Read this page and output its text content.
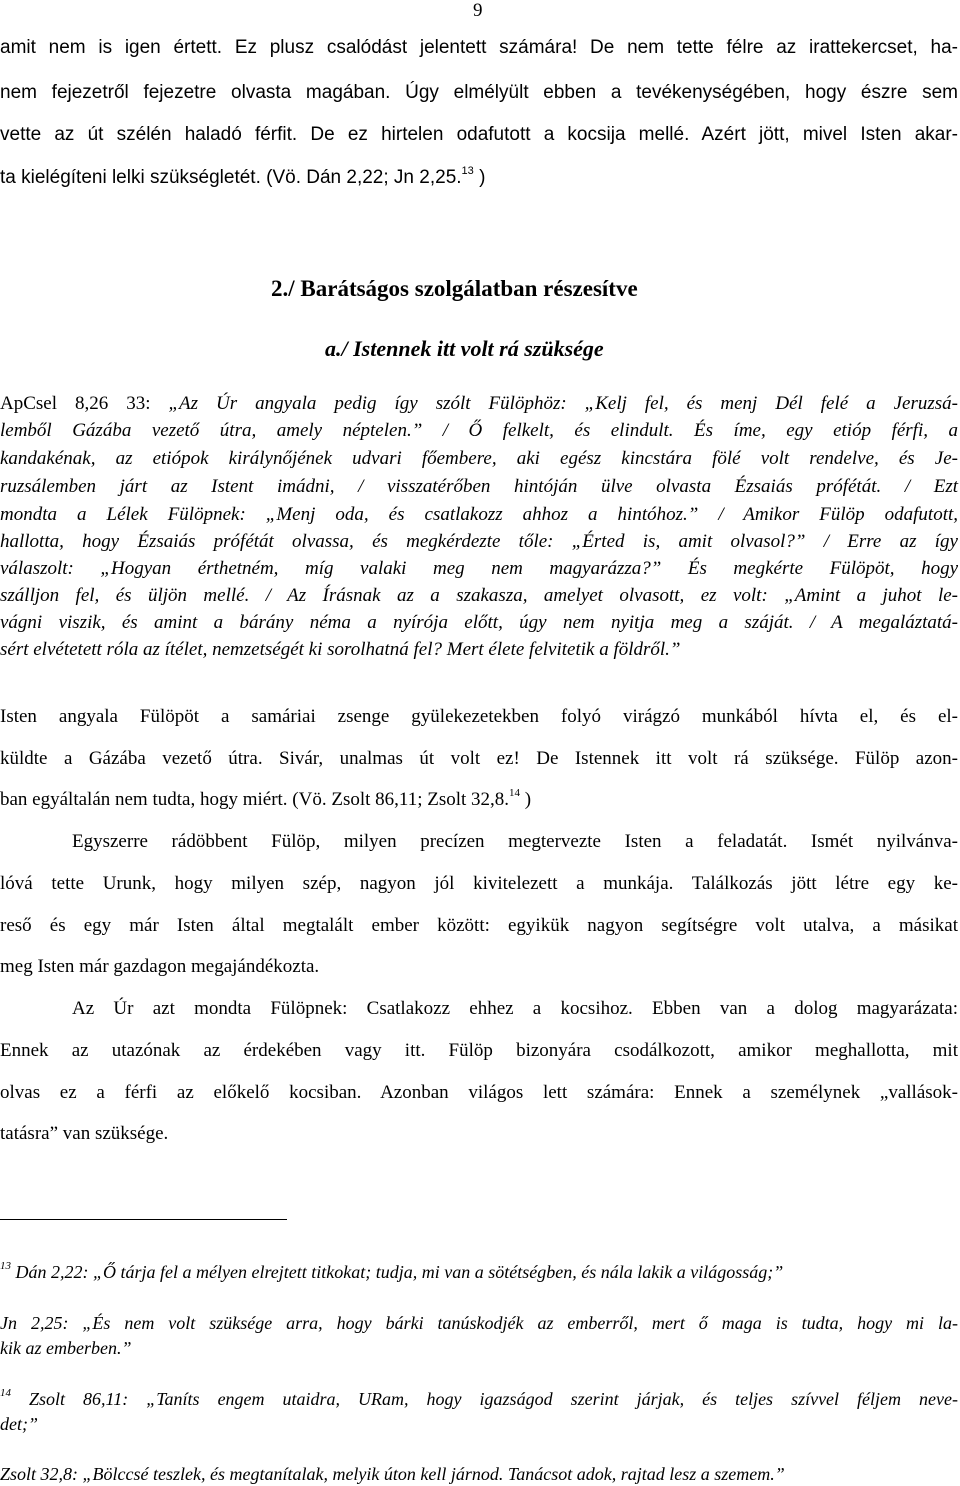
9
amit nem is igen értett. Ez plusz csalódást jelentett számára! De nem tette félre az irattekercset, ha-
nem fejezetről fejezetre olvasta magában. Úgy elmélyült ebben a tevékenységében, hogy észre sem
vette az út szélén haladó férfit. De ez hirtelen odafutott a kocsija mellé. Azért jött, mivel Isten akar-
ta kielégíteni lelki szükségletét. (Vö. Dán 2,22; Jn 2,25.13 )
2./ Barátságos szolgálatban részesítve
a./ Istennek itt volt rá szüksége
ApCsel 8,26 33: „Az Úr angyala pedig így szólt Fülöphöz: „Kelj fel, és menj Dél felé a Jeruzsá-
lemből Gázába vezető útra, amely néptelen.” / Ő felkelt, és elindult. És íme, egy etióp férfi, a
kandakénak, az etiópok királynőjének udvari főembere, aki egész kincstára fölé volt rendelve, és Je-
ruzsálemben járt az Istent imádni, / visszatérőben hintóján ülve olvasta Ézsaiás prófétát. / Ezt
mondta a Lélek Fülöpnek: „Menj oda, és csatlakozz ahhoz a hintóhoz.” / Amikor Fülöp odafutott,
hallotta, hogy Ézsaiás prófétát olvassa, és megkérdezte tőle: „Érted is, amit olvasol?” / Erre az így
válaszolt: „Hogyan érthetném, míg valaki meg nem magyarázza?” És megkérte Fülöpöt, hogy
szálljon fel, és üljön mellé. / Az Írásnak az a szakasza, amelyet olvasott, ez volt: „Amint a juhot le-
vágni viszik, és amint a bárány néma a nyírója előtt, úgy nem nyitja meg a száját. / A megaláztatá-
sért elvétetett róla az ítélet, nemzetségét ki sorolhatná fel? Mert élete felvitetik a földről.”
Isten angyala Fülöpöt a samáriai zsenge gyülekezetekben folyó virágzó munkából hívta el, és el-
küldte a Gázába vezető útra. Sivár, unalmas út volt ez! De Istennek itt volt rá szüksége. Fülöp azon-
ban egyáltalán nem tudta, hogy miért. (Vö. Zsolt 86,11; Zsolt 32,8.14 )
Egyszerre rádöbbent Fülöp, milyen precízen megtervezte Isten a feladatát. Ismét nyilvánva-
lóvá tette Urunk, hogy milyen szép, nagyon jól kivitelezett a munkája. Találkozás jött létre egy ke-
reső és egy már Isten által megtalált ember között: egyikük nagyon segítségre volt utalva, a másikat
meg Isten már gazdagon megajándékozta.
Az Úr azt mondta Fülöpnek: Csatlakozz ehhez a kocsihoz. Ebben van a dolog magyarázata:
Ennek az utazónak az érdekében vagy itt. Fülöp bizonyára csodálkozott, amikor meghallotta, mit
olvas ez a férfi az előkelő kocsiban. Azonban világos lett számára: Ennek a személynek „vallások-
tatásra” van szüksége.
$^{13}$ Dán 2,22: „Ő tárja fel a mélyen elrejtett titkokat; tudja, mi van a sötétségben, és nála lakik a világosság;”
Jn 2,25: „És nem volt szüksége arra, hogy bárki tanúskodjék az emberről, mert ő maga is tudta, hogy mi la-
kik az emberben.”
$^{14}$ Zsolt 86,11: „Taníts engem utaidra, URam, hogy igazságod szerint járjak, és teljes szívvel féljem neve-
det;”
Zsolt 32,8: „Bölccsé teszlek, és megtanítalak, melyik úton kell járnod. Tanácsot adok, rajtad lesz a szemem.”
